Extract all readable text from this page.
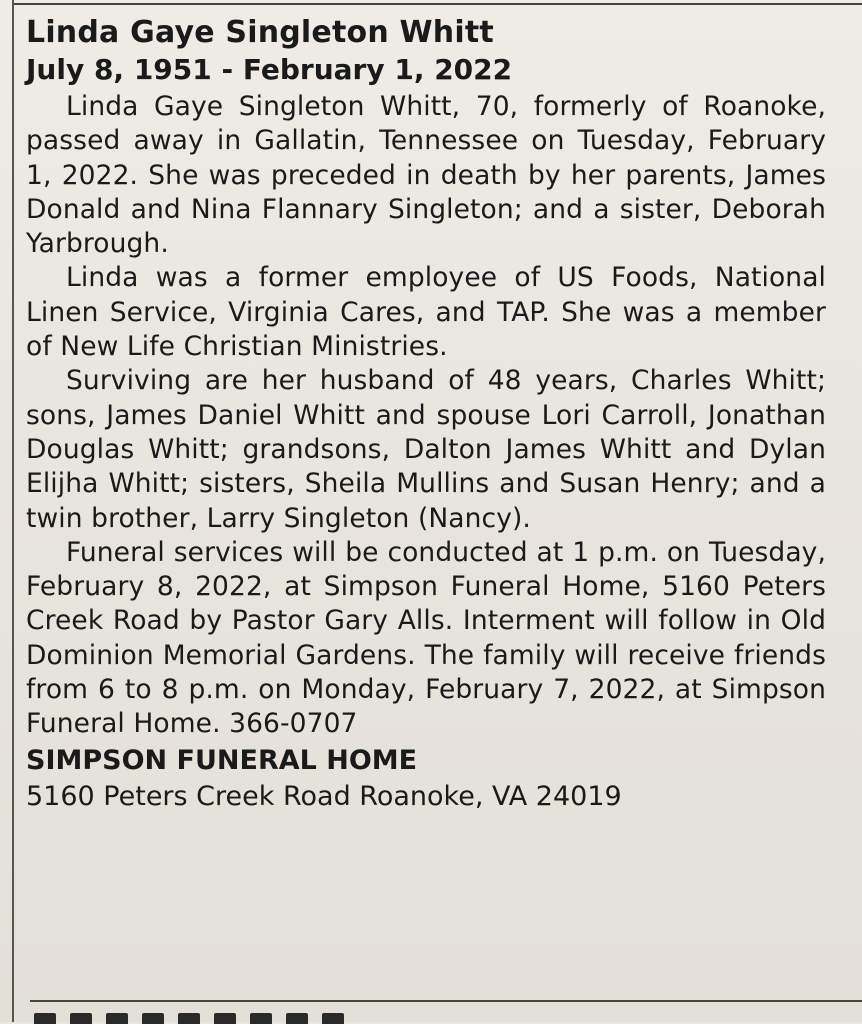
Linda Gaye Singleton Whitt
July 8, 1951 - February 1, 2022

Linda Gaye Singleton Whitt, 70, formerly of Roanoke, passed away in Gallatin, Tennessee on Tuesday, February 1, 2022. She was preceded in death by her parents, James Donald and Nina Flannary Singleton; and a sister, Deborah Yarbrough.

Linda was a former employee of US Foods, National Linen Service, Virginia Cares, and TAP. She was a member of New Life Christian Ministries.

Surviving are her husband of 48 years, Charles Whitt; sons, James Daniel Whitt and spouse Lori Carroll, Jonathan Douglas Whitt; grandsons, Dalton James Whitt and Dylan Elijha Whitt; sisters, Sheila Mullins and Susan Henry; and a twin brother, Larry Singleton (Nancy).

Funeral services will be conducted at 1 p.m. on Tuesday, February 8, 2022, at Simpson Funeral Home, 5160 Peters Creek Road by Pastor Gary Alls. Interment will follow in Old Dominion Memorial Gardens. The family will receive friends from 6 to 8 p.m. on Monday, February 7, 2022, at Simpson Funeral Home. 366-0707

SIMPSON FUNERAL HOME
5160 Peters Creek Road Roanoke, VA 24019
